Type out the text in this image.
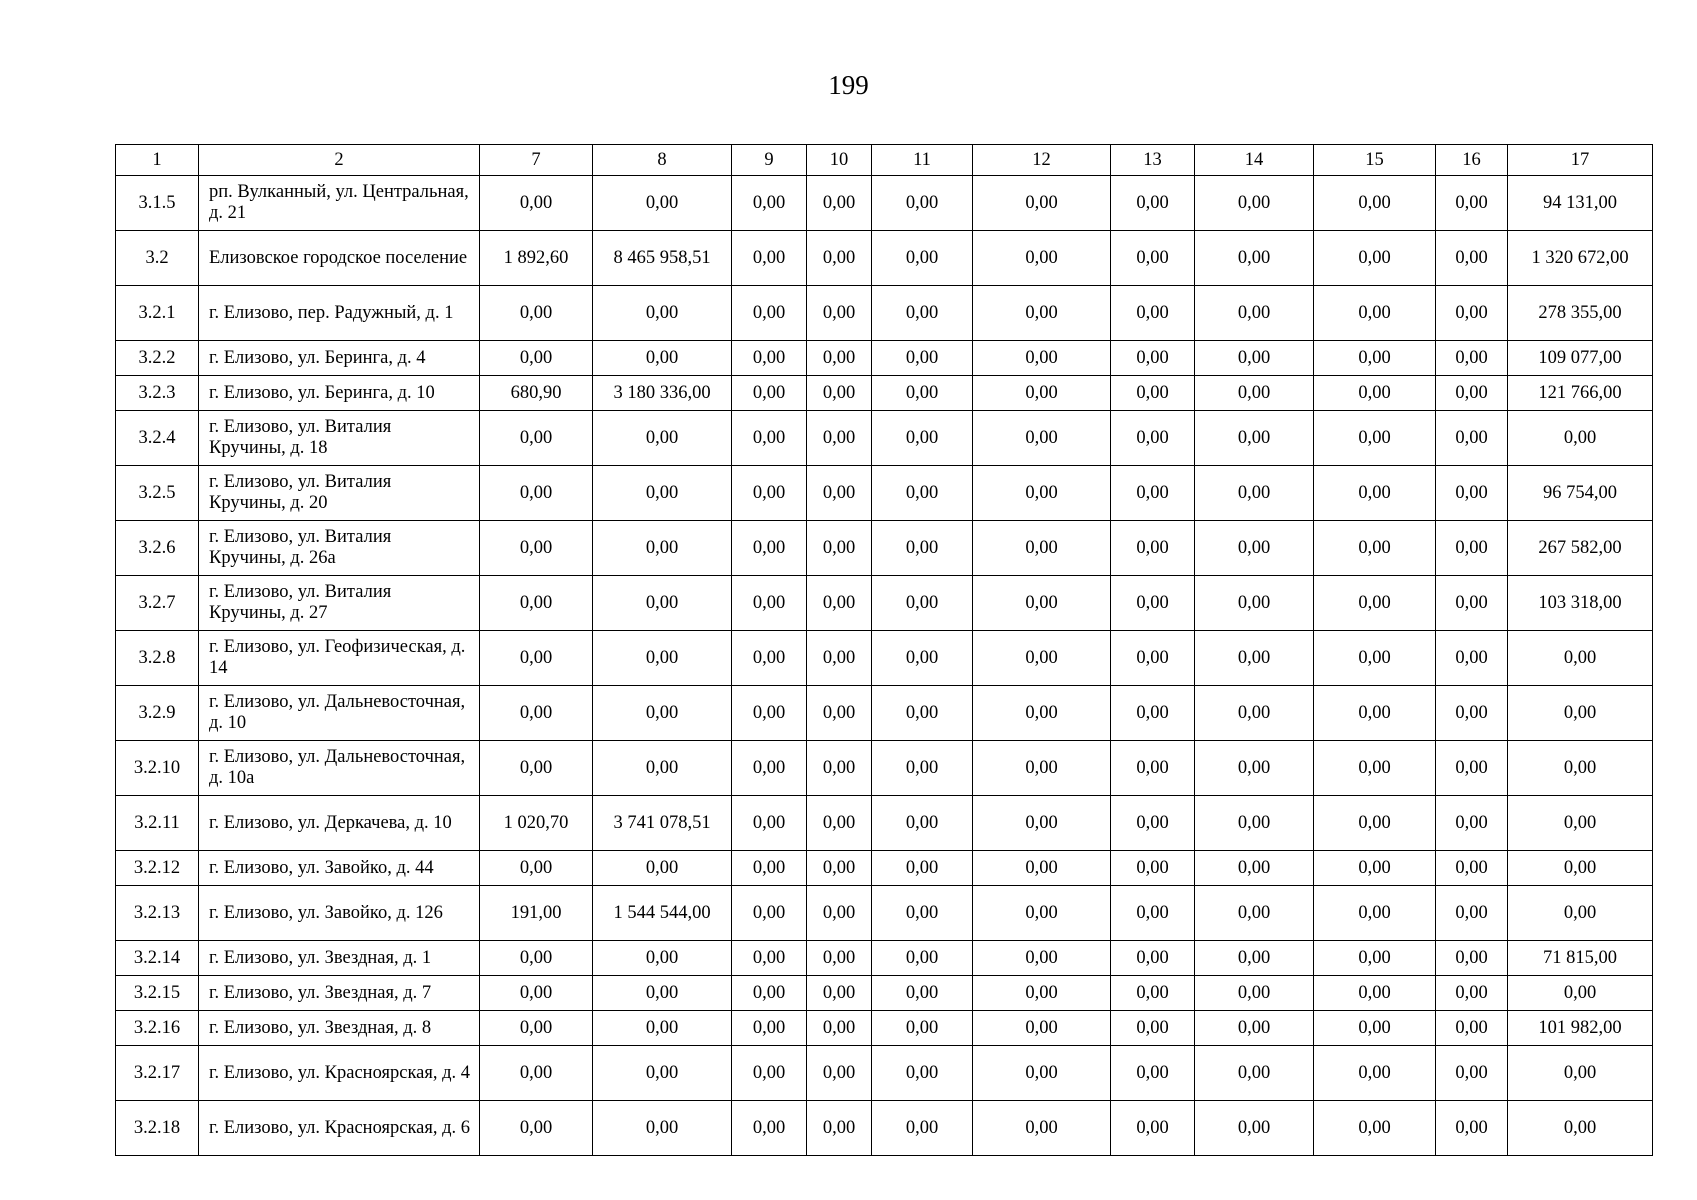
199
1	2	7	8	9	10	11	12	13	14	15	16	17
3.1.5	рп. Вулканный, ул. Центральная, д. 21	0,00	0,00	0,00	0,00	0,00	0,00	0,00	0,00	0,00	0,00	94 131,00
3.2	Елизовское городское поселение	1 892,60	8 465 958,51	0,00	0,00	0,00	0,00	0,00	0,00	0,00	0,00	1 320 672,00
3.2.1	г. Елизово, пер. Радужный, д. 1	0,00	0,00	0,00	0,00	0,00	0,00	0,00	0,00	0,00	0,00	278 355,00
3.2.2	г. Елизово, ул. Беринга, д. 4	0,00	0,00	0,00	0,00	0,00	0,00	0,00	0,00	0,00	0,00	109 077,00
3.2.3	г. Елизово, ул. Беринга, д. 10	680,90	3 180 336,00	0,00	0,00	0,00	0,00	0,00	0,00	0,00	0,00	121 766,00
3.2.4	г. Елизово, ул. Виталия Кручины, д. 18	0,00	0,00	0,00	0,00	0,00	0,00	0,00	0,00	0,00	0,00	0,00
3.2.5	г. Елизово, ул. Виталия Кручины, д. 20	0,00	0,00	0,00	0,00	0,00	0,00	0,00	0,00	0,00	0,00	96 754,00
3.2.6	г. Елизово, ул. Виталия Кручины, д. 26а	0,00	0,00	0,00	0,00	0,00	0,00	0,00	0,00	0,00	0,00	267 582,00
3.2.7	г. Елизово, ул. Виталия Кручины, д. 27	0,00	0,00	0,00	0,00	0,00	0,00	0,00	0,00	0,00	0,00	103 318,00
3.2.8	г. Елизово, ул. Геофизическая, д. 14	0,00	0,00	0,00	0,00	0,00	0,00	0,00	0,00	0,00	0,00	0,00
3.2.9	г. Елизово, ул. Дальневосточная, д. 10	0,00	0,00	0,00	0,00	0,00	0,00	0,00	0,00	0,00	0,00	0,00
3.2.10	г. Елизово, ул. Дальневосточная, д. 10а	0,00	0,00	0,00	0,00	0,00	0,00	0,00	0,00	0,00	0,00	0,00
3.2.11	г. Елизово, ул. Деркачева, д. 10	1 020,70	3 741 078,51	0,00	0,00	0,00	0,00	0,00	0,00	0,00	0,00	0,00
3.2.12	г. Елизово, ул. Завойко, д. 44	0,00	0,00	0,00	0,00	0,00	0,00	0,00	0,00	0,00	0,00	0,00
3.2.13	г. Елизово, ул. Завойко, д. 126	191,00	1 544 544,00	0,00	0,00	0,00	0,00	0,00	0,00	0,00	0,00	0,00
3.2.14	г. Елизово, ул. Звездная, д. 1	0,00	0,00	0,00	0,00	0,00	0,00	0,00	0,00	0,00	0,00	71 815,00
3.2.15	г. Елизово, ул. Звездная, д. 7	0,00	0,00	0,00	0,00	0,00	0,00	0,00	0,00	0,00	0,00	0,00
3.2.16	г. Елизово, ул. Звездная, д. 8	0,00	0,00	0,00	0,00	0,00	0,00	0,00	0,00	0,00	0,00	101 982,00
3.2.17	г. Елизово, ул. Красноярская, д. 4	0,00	0,00	0,00	0,00	0,00	0,00	0,00	0,00	0,00	0,00	0,00
3.2.18	г. Елизово, ул. Красноярская, д. 6	0,00	0,00	0,00	0,00	0,00	0,00	0,00	0,00	0,00	0,00	0,00
